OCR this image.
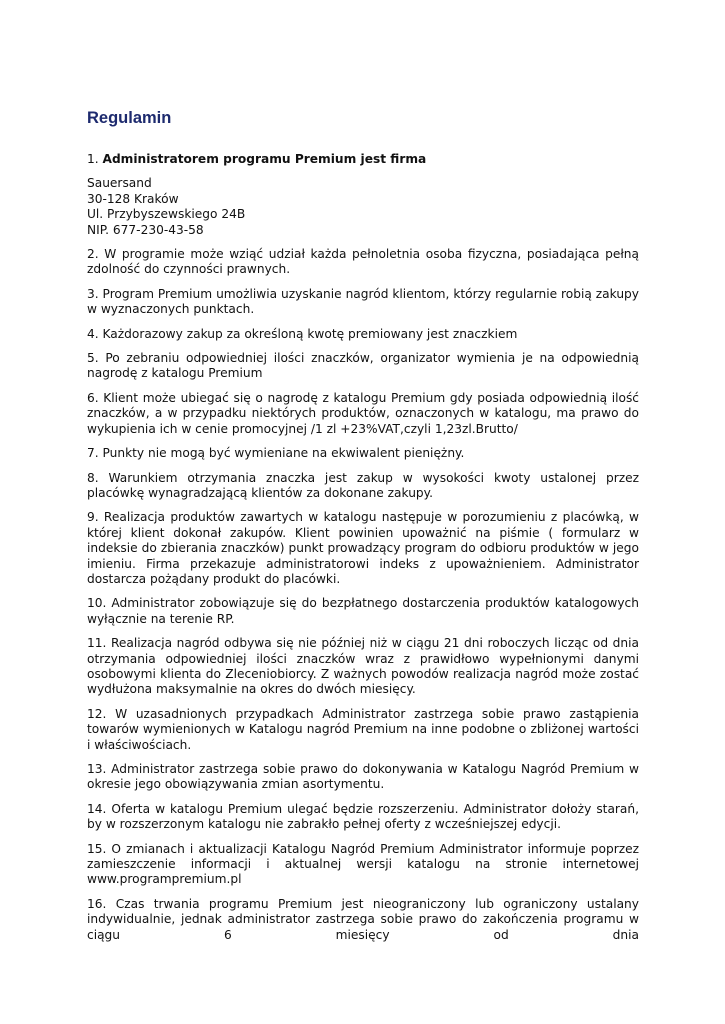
Regulamin

1. Administratorem programu Premium jest firma

Sauersand
30-128 Kraków
Ul. Przybyszewskiego 24B
NIP. 677-230-43-58

2. W programie może wziąć udział każda pełnoletnia osoba fizyczna, posiadająca pełną zdolność do czynności prawnych.

3. Program Premium umożliwia uzyskanie nagród klientom, którzy regularnie robią zakupy w wyznaczonych punktach.

4. Każdorazowy zakup za określoną kwotę premiowany jest znaczkiem

5. Po zebraniu odpowiedniej ilości znaczków, organizator wymienia je na odpowiednią nagrodę z katalogu Premium

6. Klient może ubiegać się o nagrodę z katalogu Premium gdy posiada odpowiednią ilość znaczków, a w przypadku niektórych produktów, oznaczonych w katalogu, ma prawo do wykupienia ich w cenie promocyjnej /1 zl +23%VAT,czyli 1,23zl.Brutto/

7. Punkty nie mogą być wymieniane na ekwiwalent pieniężny.

8. Warunkiem otrzymania znaczka jest zakup w wysokości kwoty ustalonej przez placówkę wynagradzającą klientów za dokonane zakupy.

9. Realizacja produktów zawartych w katalogu następuje w porozumieniu z placówką, w której klient dokonał zakupów. Klient powinien upoważnić na piśmie ( formularz w indeksie do zbierania znaczków) punkt prowadzący program do odbioru produktów w jego imieniu. Firma przekazuje administratorowi indeks z upoważnieniem. Administrator dostarcza pożądany produkt do placówki.

10. Administrator zobowiązuje się do bezpłatnego dostarczenia produktów katalogowych wyłącznie na terenie RP.

11. Realizacja nagród odbywa się nie później niż w ciągu 21 dni roboczych licząc od dnia otrzymania odpowiedniej ilości znaczków wraz z prawidłowo wypełnionymi danymi osobowymi klienta do Zleceniobiorcy. Z ważnych powodów realizacja nagród może zostać wydłużona maksymalnie na okres do dwóch miesięcy.

12. W uzasadnionych przypadkach Administrator zastrzega sobie prawo zastąpienia towarów wymienionych w Katalogu nagród Premium na inne podobne o zbliżonej wartości i właściwościach.

13. Administrator zastrzega sobie prawo do dokonywania w Katalogu Nagród Premium w okresie jego obowiązywania zmian asortymentu.

14. Oferta w katalogu Premium ulegać będzie rozszerzeniu. Administrator dołoży starań, by w rozszerzonym katalogu nie zabrakło pełnej oferty z wcześniejszej edycji.

15. O zmianach i aktualizacji Katalogu Nagród Premium Administrator informuje poprzez zamieszczenie informacji i aktualnej wersji katalogu na stronie internetowej www.programpremium.pl

16. Czas trwania programu Premium jest nieograniczony lub ograniczony ustalany indywidualnie, jednak administrator zastrzega sobie prawo do zakończenia programu w ciągu 6 miesięcy od dnia
